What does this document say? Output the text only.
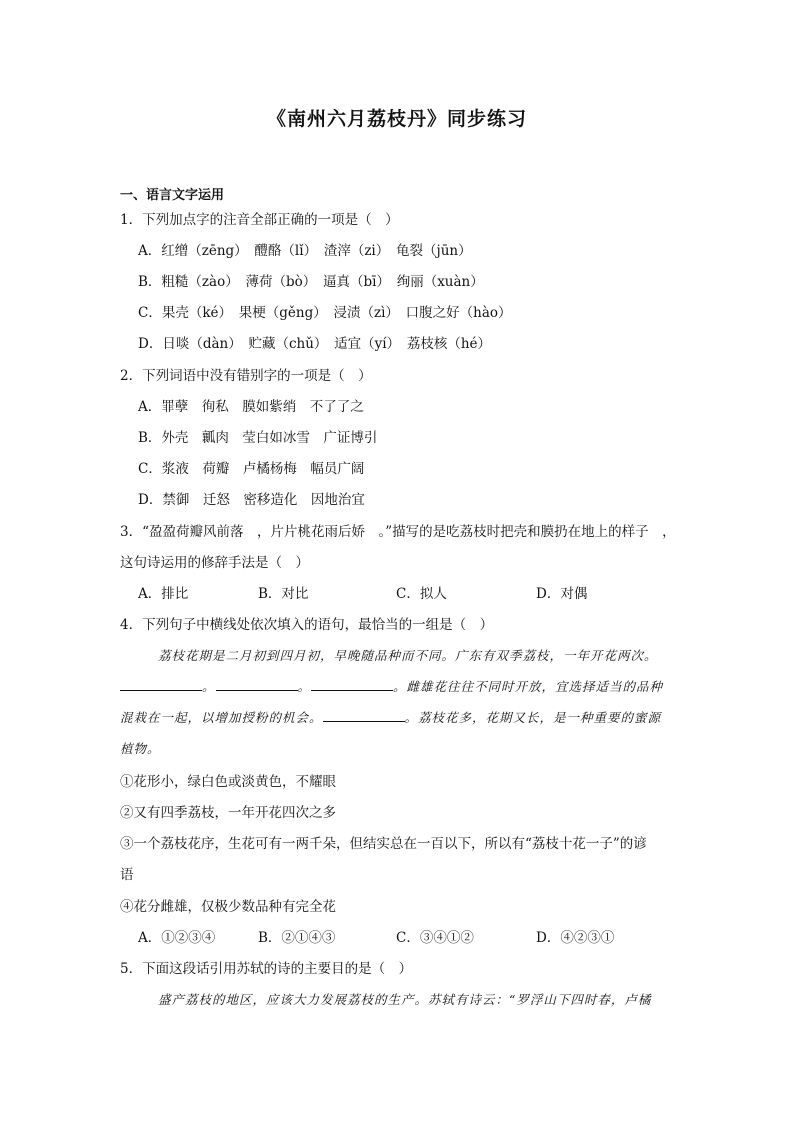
《南州六月荔枝丹》同步练习
一、语言文字运用
1．下列加点字的注音全部正确的一项是（　）
A．红缯（zēng）　醴酪（lǐ）　渣滓（zi）　龟裂（jūn）
B．粗糙（zào）　薄荷（bò）　逼真（bī）　绚丽（xuàn）
C．果壳（ké）　果梗（gěng）　浸渍（zì）　口腹之好（hào）
D．日啖（dàn）　贮藏（chǔ）　适宜（yí）　荔枝核（hé）
2．下列词语中没有错别字的一项是（　）
A．罪孽　徇私　膜如紫绡　不了了之
B．外壳　瓤肉　莹白如冰雪　广证博引
C．浆液　荷瓣　卢橘杨梅　幅员广阔
D．禁御　迁怒　密移造化　因地治宜
3．“盈盈荷瓣风前落　，片片桃花雨后娇　。”描写的是吃荔枝时把壳和膜扔在地上的样子　，
这句诗运用的修辞手法是（　）
A．排比	B．对比	C．拟人	D．对偶
4．下列句子中横线处依次填入的语句，最恰当的一组是（　）
荔枝花期是二月初到四月初，早晚随品种而不同。广东有双季荔枝，一年开花两次。
。	。	。雌雄花往往不同时开放，宜选择适当的品种
混栽在一起，以增加授粉的机会。	。荔枝花多，花期又长，是一种重要的蜜源
植物。
①花形小，绿白色或淡黄色，不耀眼
②又有四季荔枝，一年开花四次之多
③一个荔枝花序，生花可有一两千朵，但结实总在一百以下，所以有“荔枝十花一子”的谚
语
④花分雌雄，仅极少数品种有完全花
A．①②③④	B．②①④③	C．③④①②	D．④②③①
5．下面这段话引用苏轼的诗的主要目的是（　）
盛产荔枝的地区，应该大力发展荔枝的生产。苏轼有诗云：“罗浮山下四时春，卢橘
